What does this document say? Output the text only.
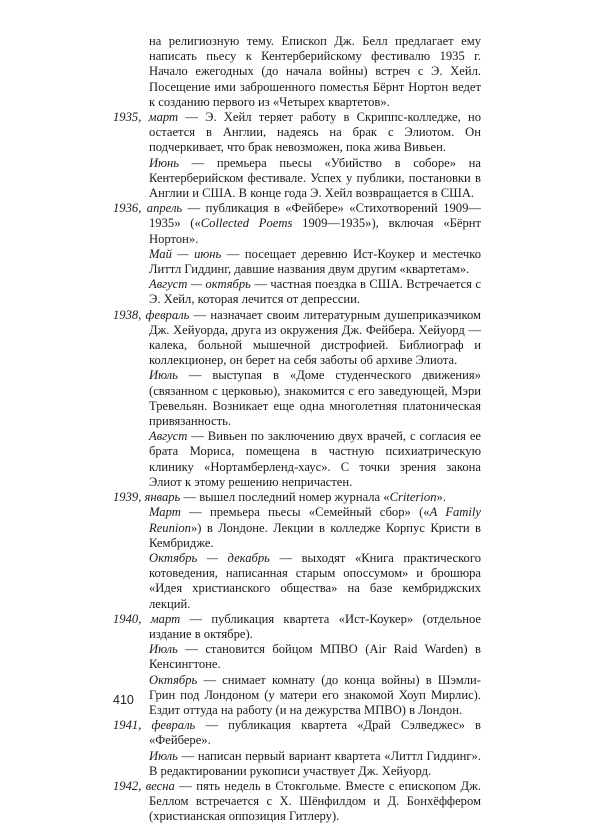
на религиозную тему. Епископ Дж. Белл предлагает ему написать пьесу к Кентерберийскому фестивалю 1935 г. Начало ежегодных (до начала войны) встреч с Э. Хейл. Посещение ими заброшенного поместья Бёрнт Нортон ведет к созданию первого из «Четырех квартетов».

1935, март — Э. Хейл теряет работу в Скриппс-колледже, но остается в Англии, надеясь на брак с Элиотом. Он подчеркивает, что брак невозможен, пока жива Вивьен.

Июнь — премьера пьесы «Убийство в соборе» на Кентерберийском фестивале. Успех у публики, постановки в Англии и США. В конце года Э. Хейл возвращается в США.

1936, апрель — публикация в «Фейбере» «Стихотворений 1909—1935» («Collected Poems 1909—1935»), включая «Бёрнт Нортон».

Май — июнь — посещает деревню Ист-Коукер и местечко Литтл Гиддинг, давшие названия двум другим «квартетам».

Август — октябрь — частная поездка в США. Встречается с Э. Хейл, которая лечится от депрессии.

1938, февраль — назначает своим литературным душеприказчиком Дж. Хейуорда, друга из окружения Дж. Фейбера. Хейуорд — калека, больной мышечной дистрофией. Библиограф и коллекционер, он берет на себя заботы об архиве Элиота.

Июль — выступая в «Доме студенческого движения» (связанном с церковью), знакомится с его заведующей, Мэри Тревельян. Возникает еще одна многолетняя платоническая привязанность.

Август — Вивьен по заключению двух врачей, с согласия ее брата Мориса, помещена в частную психиатрическую клинику «Нортамберленд-хаус». С точки зрения закона Элиот к этому решению непричастен.

1939, январь — вышел последний номер журнала «Criterion».

Март — премьера пьесы «Семейный сбор» («A Family Reunion») в Лондоне. Лекции в колледже Корпус Кристи в Кембридже.

Октябрь — декабрь — выходят «Книга практического котоведения, написанная старым опоссумом» и брошюра «Идея христианского общества» на базе кембриджских лекций.

1940, март — публикация квартета «Ист-Коукер» (отдельное издание в октябре).

Июль — становится бойцом МПВО (Air Raid Warden) в Кенсингтоне.

Октябрь — снимает комнату (до конца войны) в Шэмли-Грин под Лондоном (у матери его знакомой Хоуп Мирлис). Ездит оттуда на работу (и на дежурства МПВО) в Лондон.

1941, февраль — публикация квартета «Драй Сэлведжес» в «Фейбере».

Июль — написан первый вариант квартета «Литтл Гиддинг». В редактировании рукописи участвует Дж. Хейуорд.

1942, весна — пять недель в Стокгольме. Вместе с епископом Дж. Беллом встречается с Х. Шёнфилдом и Д. Бонхёффером (христианская оппозиция Гитлеру).

410
